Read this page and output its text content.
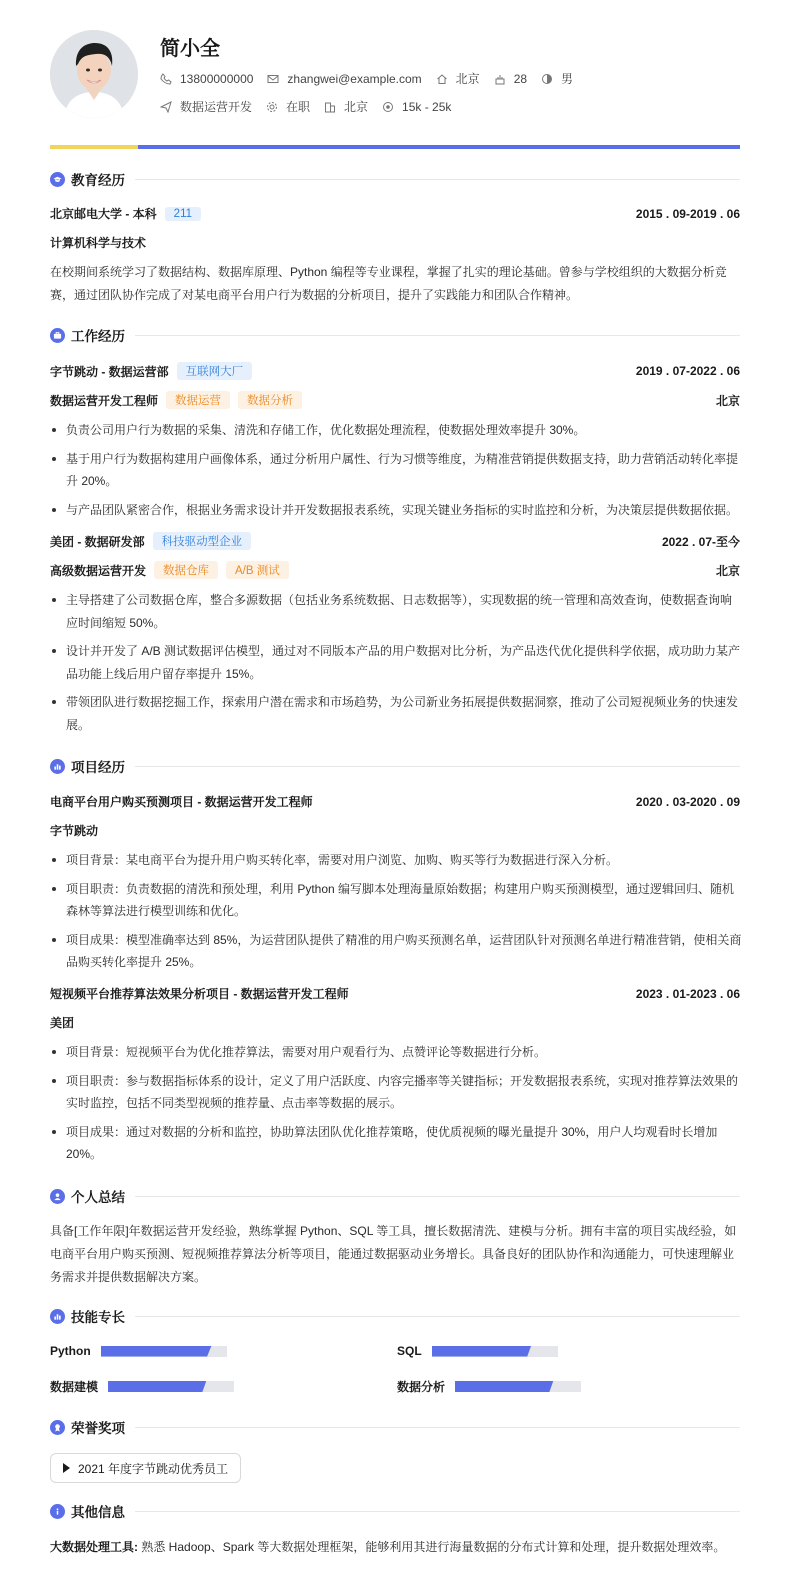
简小全
13800000000	zhangwei@example.com	北京	28	男
数据运营开发	在职	北京	15k - 25k
教育经历
北京邮电大学 - 本科	211	2015 . 09-2019 . 06
计算机科学与技术
在校期间系统学习了数据结构、数据库原理、Python 编程等专业课程，掌握了扎实的理论基础。曾参与学校组织的大数据分析竞赛，通过团队协作完成了对某电商平台用户行为数据的分析项目，提升了实践能力和团队合作精神。
工作经历
字节跳动 - 数据运营部	互联网大厂	2019 . 07-2022 . 06
数据运营开发工程师	数据运营	数据分析	北京
负责公司用户行为数据的采集、清洗和存储工作，优化数据处理流程，使数据处理效率提升 30%。
基于用户行为数据构建用户画像体系，通过分析用户属性、行为习惯等维度，为精准营销提供数据支持，助力营销活动转化率提升 20%。
与产品团队紧密合作，根据业务需求设计并开发数据报表系统，实现关键业务指标的实时监控和分析，为决策层提供数据依据。
美团 - 数据研发部	科技驱动型企业	2022 . 07-至今
高级数据运营开发	数据仓库	A/B 测试	北京
主导搭建了公司数据仓库，整合多源数据（包括业务系统数据、日志数据等），实现数据的统一管理和高效查询，使数据查询响应时间缩短 50%。
设计并开发了 A/B 测试数据评估模型，通过对不同版本产品的用户数据对比分析，为产品迭代优化提供科学依据，成功助力某产品功能上线后用户留存率提升 15%。
带领团队进行数据挖掘工作，探索用户潜在需求和市场趋势，为公司新业务拓展提供数据洞察，推动了公司短视频业务的快速发展。
项目经历
电商平台用户购买预测项目 - 数据运营开发工程师	2020 . 03-2020 . 09
字节跳动
项目背景：某电商平台为提升用户购买转化率，需要对用户浏览、加购、购买等行为数据进行深入分析。
项目职责：负责数据的清洗和预处理，利用 Python 编写脚本处理海量原始数据；构建用户购买预测模型，通过逻辑回归、随机森林等算法进行模型训练和优化。
项目成果：模型准确率达到 85%，为运营团队提供了精准的用户购买预测名单，运营团队针对预测名单进行精准营销，使相关商品购买转化率提升 25%。
短视频平台推荐算法效果分析项目 - 数据运营开发工程师	2023 . 01-2023 . 06
美团
项目背景：短视频平台为优化推荐算法，需要对用户观看行为、点赞评论等数据进行分析。
项目职责：参与数据指标体系的设计，定义了用户活跃度、内容完播率等关键指标；开发数据报表系统，实现对推荐算法效果的实时监控，包括不同类型视频的推荐量、点击率等数据的展示。
项目成果：通过对数据的分析和监控，协助算法团队优化推荐策略，使优质视频的曝光量提升 30%，用户人均观看时长增加 20%。
个人总结
具备[工作年限]年数据运营开发经验，熟练掌握 Python、SQL 等工具，擅长数据清洗、建模与分析。拥有丰富的项目实战经验，如电商平台用户购买预测、短视频推荐算法分析等项目，能通过数据驱动业务增长。具备良好的团队协作和沟通能力，可快速理解业务需求并提供数据解决方案。
技能专长
Python	SQL
数据建模	数据分析
荣誉奖项
2021 年度字节跳动优秀员工
其他信息
大数据处理工具: 熟悉 Hadoop、Spark 等大数据处理框架，能够利用其进行海量数据的分布式计算和处理，提升数据处理效率。
